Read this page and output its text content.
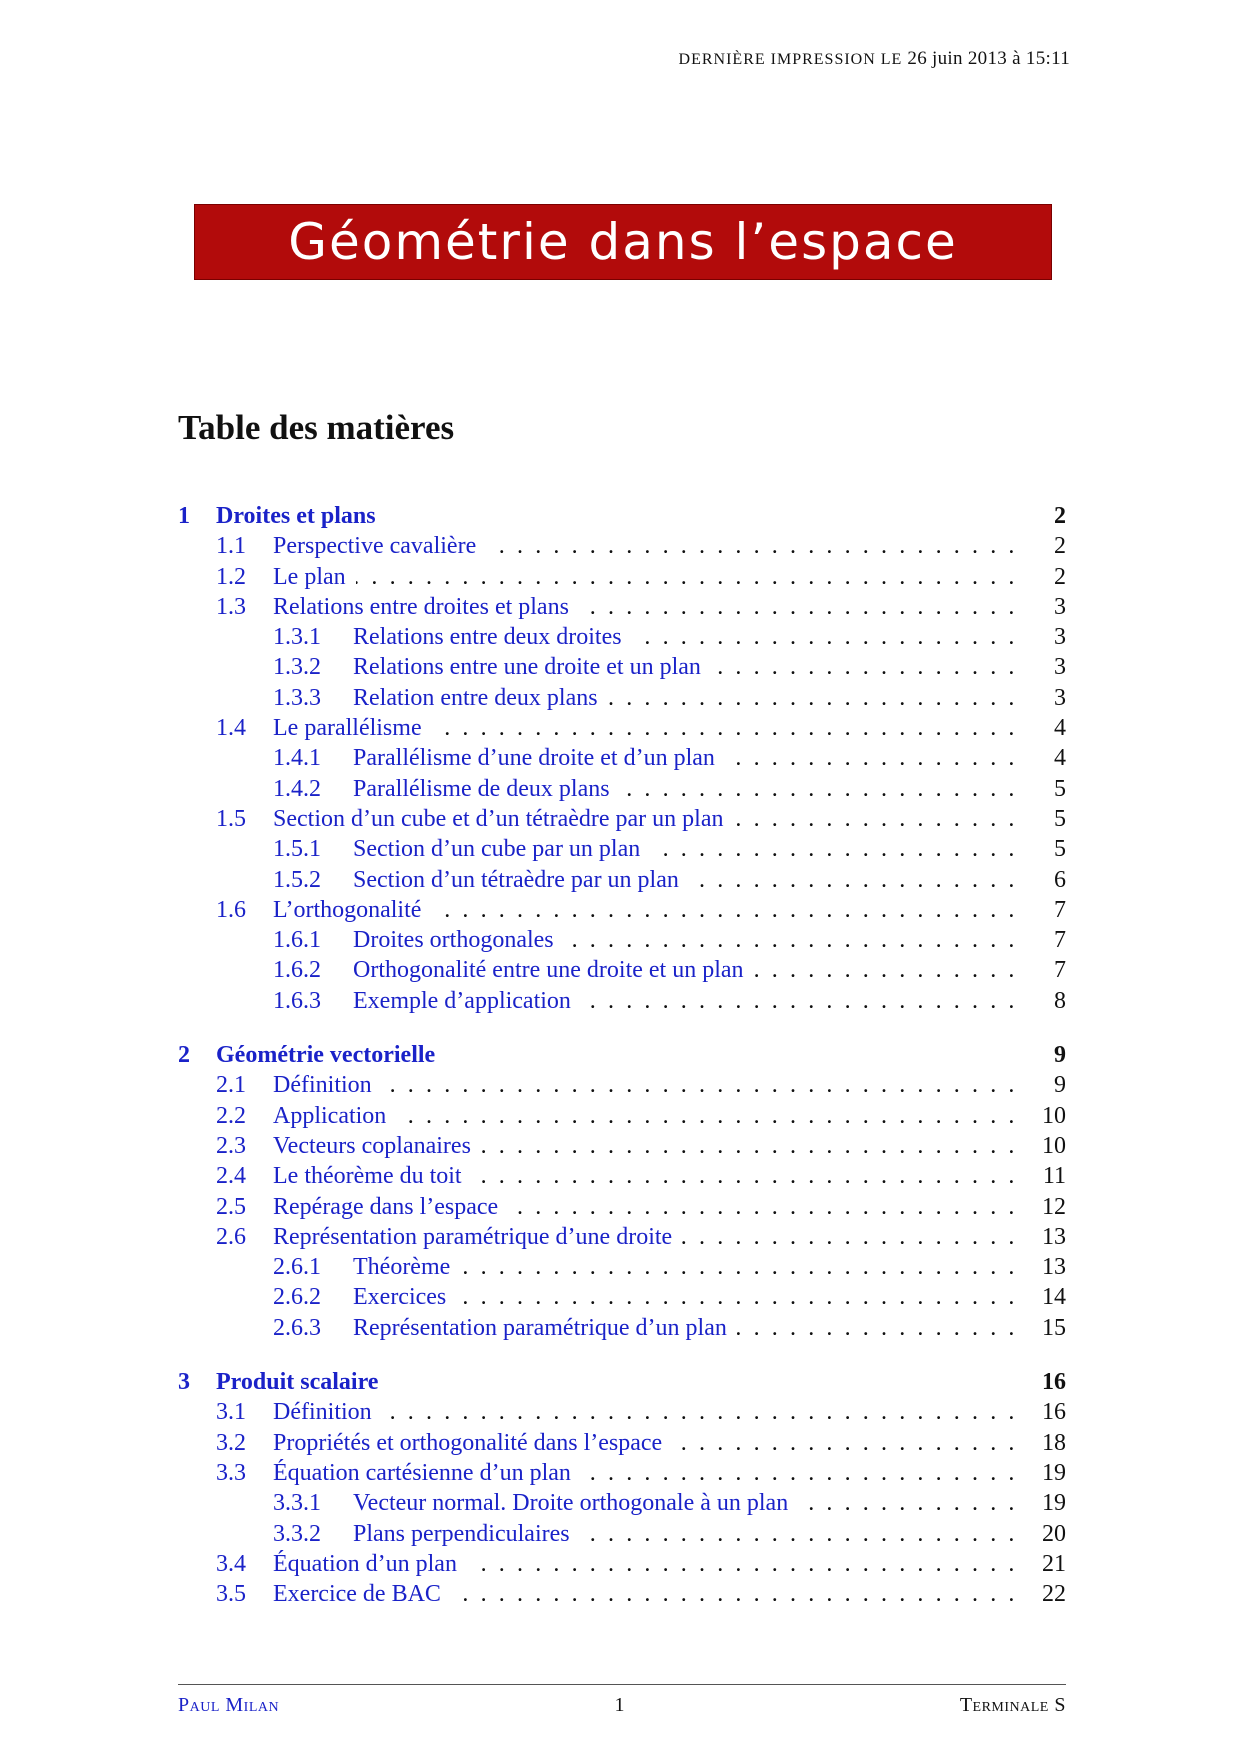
DERNIÈRE IMPRESSION LE 26 juin 2013 à 15:11
Géométrie dans l’espace
Table des matières
1	Droites et plans	2
1.1	Perspective cavalière . . .	2
1.2	Le plan . . .	2
1.3	Relations entre droites et plans . . .	3
1.3.1	Relations entre deux droites . . .	3
1.3.2	Relations entre une droite et un plan . . .	3
1.3.3	Relation entre deux plans . . .	3
1.4	Le parallélisme . . .	4
1.4.1	Parallélisme d’une droite et d’un plan . . .	4
1.4.2	Parallélisme de deux plans . . .	5
1.5	Section d’un cube et d’un tétraèdre par un plan . . .	5
1.5.1	Section d’un cube par un plan . . .	5
1.5.2	Section d’un tétraèdre par un plan . . .	6
1.6	L’orthogonalité . . .	7
1.6.1	Droites orthogonales . . .	7
1.6.2	Orthogonalité entre une droite et un plan . . .	7
1.6.3	Exemple d’application . . .	8
2	Géométrie vectorielle	9
2.1	Définition . . .	9
2.2	Application . . .	10
2.3	Vecteurs coplanaires . . .	10
2.4	Le théorème du toit . . .	11
2.5	Repérage dans l’espace . . .	12
2.6	Représentation paramétrique d’une droite . . .	13
2.6.1	Théorème . . .	13
2.6.2	Exercices . . .	14
2.6.3	Représentation paramétrique d’un plan . . .	15
3	Produit scalaire	16
3.1	Définition . . .	16
3.2	Propriétés et orthogonalité dans l’espace . . .	18
3.3	Équation cartésienne d’un plan . . .	19
3.3.1	Vecteur normal. Droite orthogonale à un plan . . .	19
3.3.2	Plans perpendiculaires . . .	20
3.4	Équation d’un plan . . .	21
3.5	Exercice de BAC . . .	22
Paul Milan	1	Terminale S
